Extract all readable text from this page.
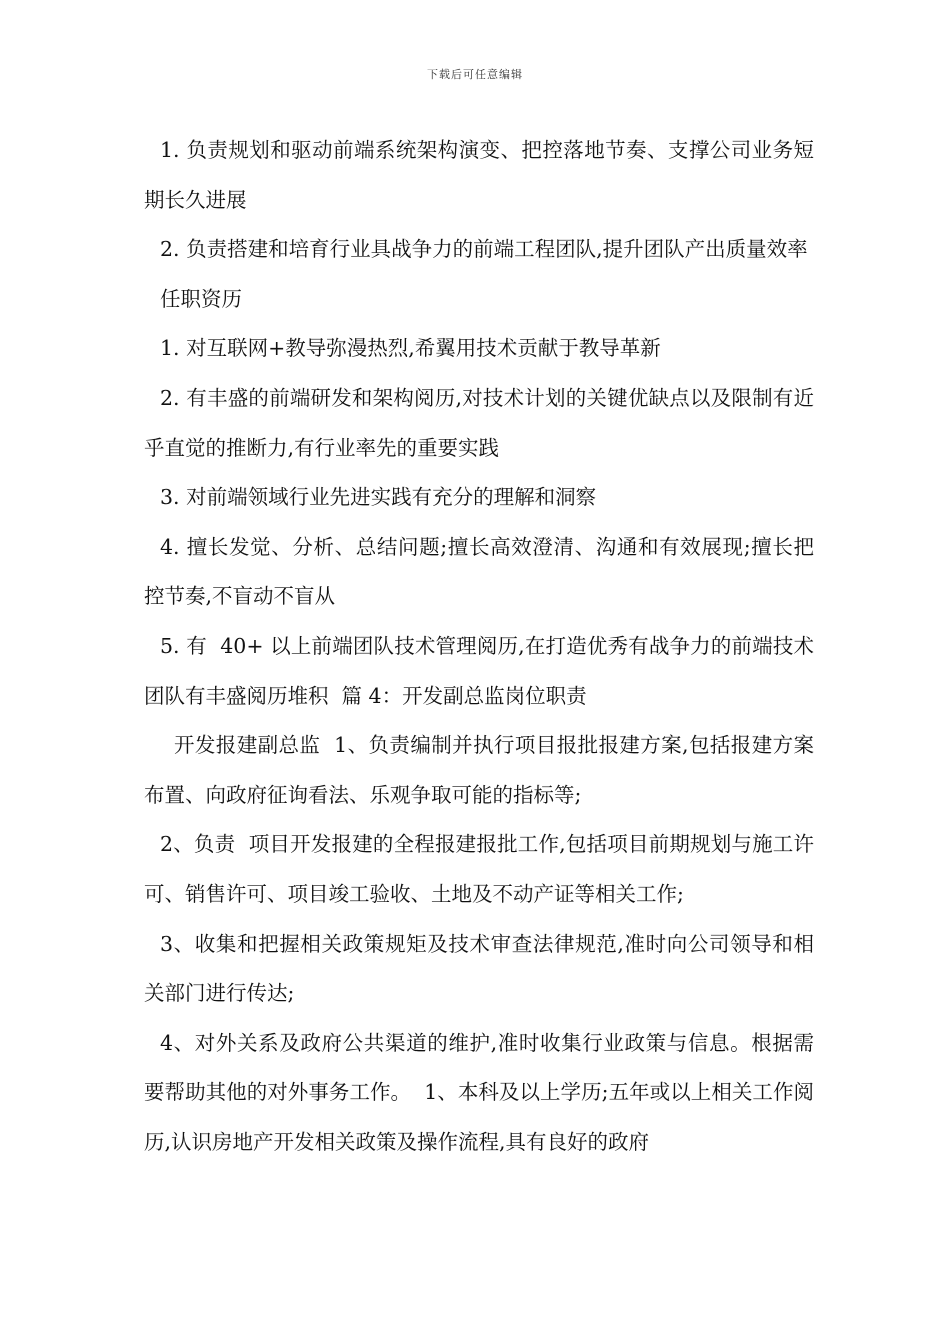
下载后可任意编辑

1. 负责规划和驱动前端系统架构演变、把控落地节奏、支撑公司业务短期长久进展

2. 负责搭建和培育行业具战争力的前端工程团队,提升团队产出质量效率

任职资历

1. 对互联网+教导弥漫热烈,希翼用技术贡献于教导革新

2. 有丰盛的前端研发和架构阅历,对技术计划的关键优缺点以及限制有近乎直觉的推断力,有行业率先的重要实践

3. 对前端领域行业先进实践有充分的理解和洞察

4. 擅长发觉、分析、总结问题;擅长高效澄清、沟通和有效展现;擅长把控节奏,不盲动不盲从

5. 有  40+ 以上前端团队技术管理阅历,在打造优秀有战争力的前端技术团队有丰盛阅历堆积  篇 4：开发副总监岗位职责

开发报建副总监  1、负责编制并执行项目报批报建方案,包括报建方案布置、向政府征询看法、乐观争取可能的指标等;

2、负责  项目开发报建的全程报建报批工作,包括项目前期规划与施工许可、销售许可、项目竣工验收、土地及不动产证等相关工作;

3、收集和把握相关政策规矩及技术审查法律规范,准时向公司领导和相关部门进行传达;

4、对外关系及政府公共渠道的维护,准时收集行业政策与信息。根据需要帮助其他的对外事务工作。  1、本科及以上学历;五年或以上相关工作阅历,认识房地产开发相关政策及操作流程,具有良好的政府
